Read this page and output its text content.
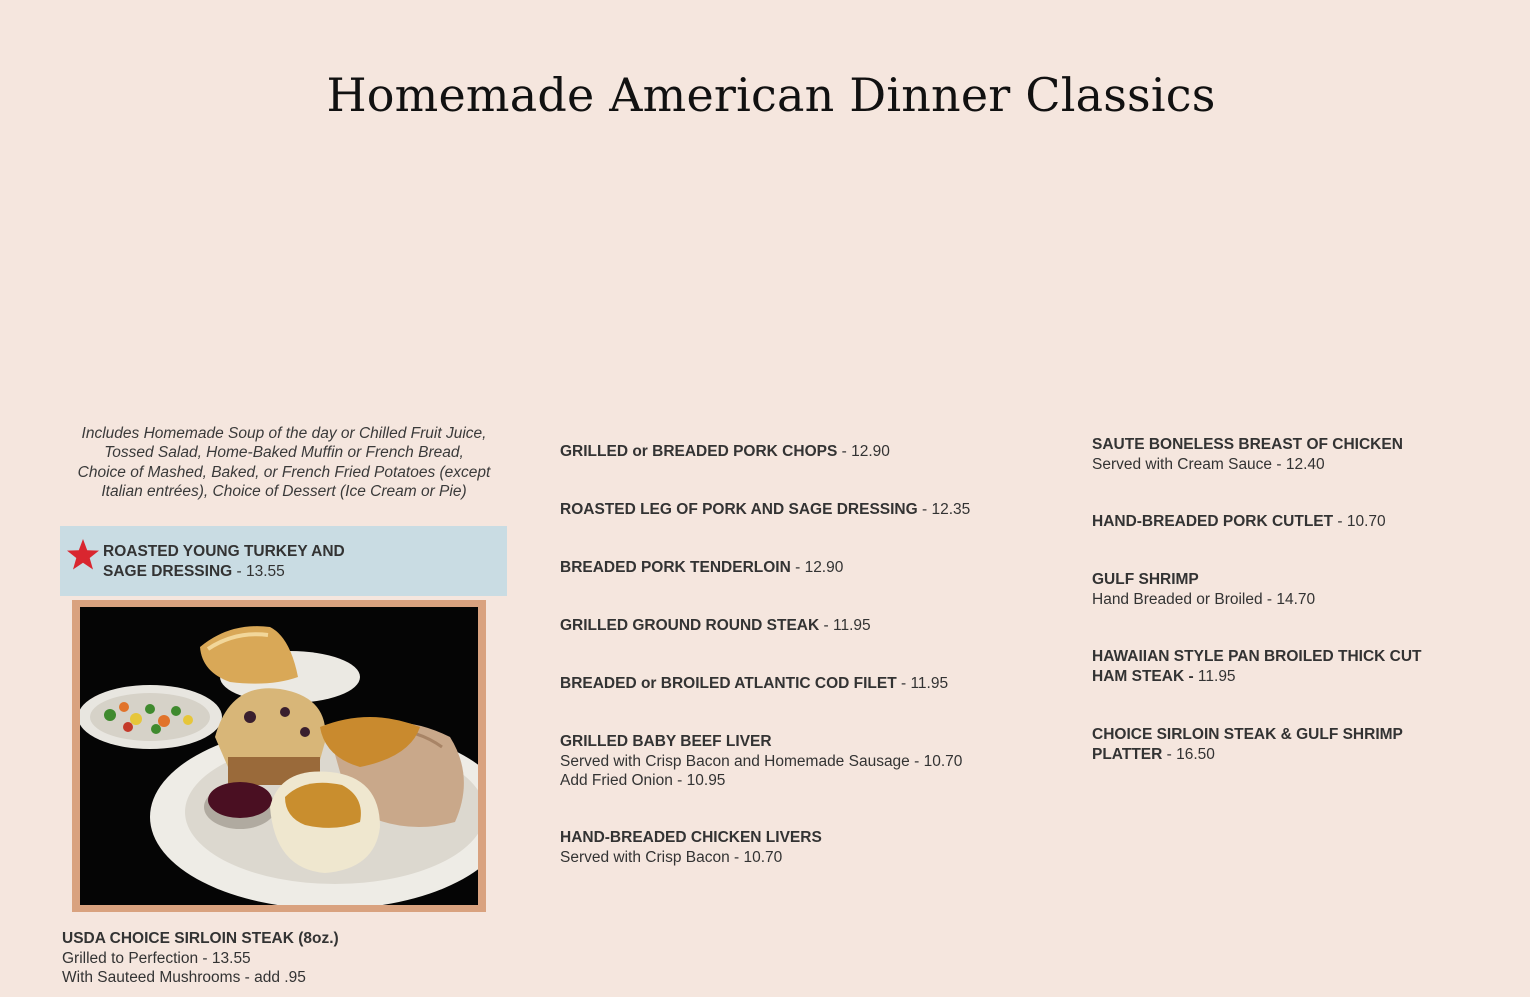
Homemade American Dinner Classics
Includes Homemade Soup of the day or Chilled Fruit Juice,
Tossed Salad, Home-Baked Muffin or French Bread,
Choice of Mashed, Baked, or French Fried Potatoes (except
Italian entrées), Choice of Dessert (Ice Cream or Pie)
ROASTED YOUNG TURKEY AND
SAGE DRESSING - 13.55
USDA CHOICE SIRLOIN STEAK (8oz.)
Grilled to Perfection - 13.55
With Sauteed Mushrooms - add .95
GRILLED or BREADED PORK CHOPS - 12.90
ROASTED LEG OF PORK AND SAGE DRESSING - 12.35
BREADED PORK TENDERLOIN - 12.90
GRILLED GROUND ROUND STEAK - 11.95
BREADED or BROILED ATLANTIC COD FILET - 11.95
GRILLED BABY BEEF LIVER
Served with Crisp Bacon and Homemade Sausage - 10.70
Add Fried Onion - 10.95
HAND-BREADED CHICKEN LIVERS
Served with Crisp Bacon - 10.70
SAUTE BONELESS BREAST OF CHICKEN
Served with Cream Sauce - 12.40
HAND-BREADED PORK CUTLET - 10.70
GULF SHRIMP
Hand Breaded or Broiled - 14.70
HAWAIIAN STYLE PAN BROILED THICK CUT
HAM STEAK - 11.95
CHOICE SIRLOIN STEAK & GULF SHRIMP
PLATTER - 16.50
